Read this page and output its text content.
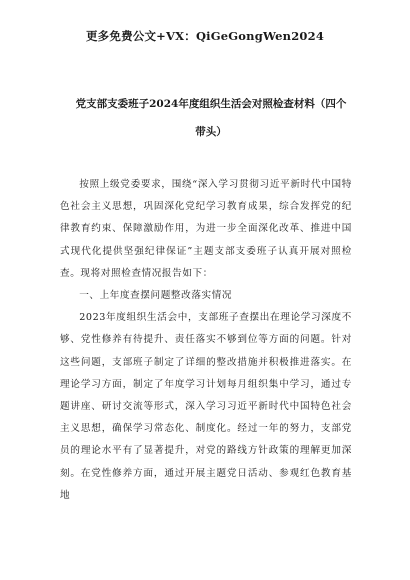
更多免费公文+VX：QiGeGongWen2024
党支部支委班子2024年度组织生活会对照检查材料（四个
带头）

按照上级党委要求，围绕“深入学习贯彻习近平新时代中国特色社会主义思想，巩固深化党纪学习教育成果，综合发挥党的纪律教育约束、保障激励作用，为进一步全面深化改革、推进中国式现代化提供坚强纪律保证”主题支部支委班子认真开展对照检查。现将对照检查情况报告如下：

一、上年度查摆问题整改落实情况

2023年度组织生活会中，支部班子查摆出在理论学习深度不够、党性修养有待提升、责任落实不够到位等方面的问题。针对这些问题，支部班子制定了详细的整改措施并积极推进落实。在理论学习方面，制定了年度学习计划每月组织集中学习，通过专题讲座、研讨交流等形式，深入学习习近平新时代中国特色社会主义思想，确保学习常态化、制度化。经过一年的努力，支部党员的理论水平有了显著提升，对党的路线方针政策的理解更加深刻。在党性修养方面，通过开展主题党日活动、参观红色教育基地
